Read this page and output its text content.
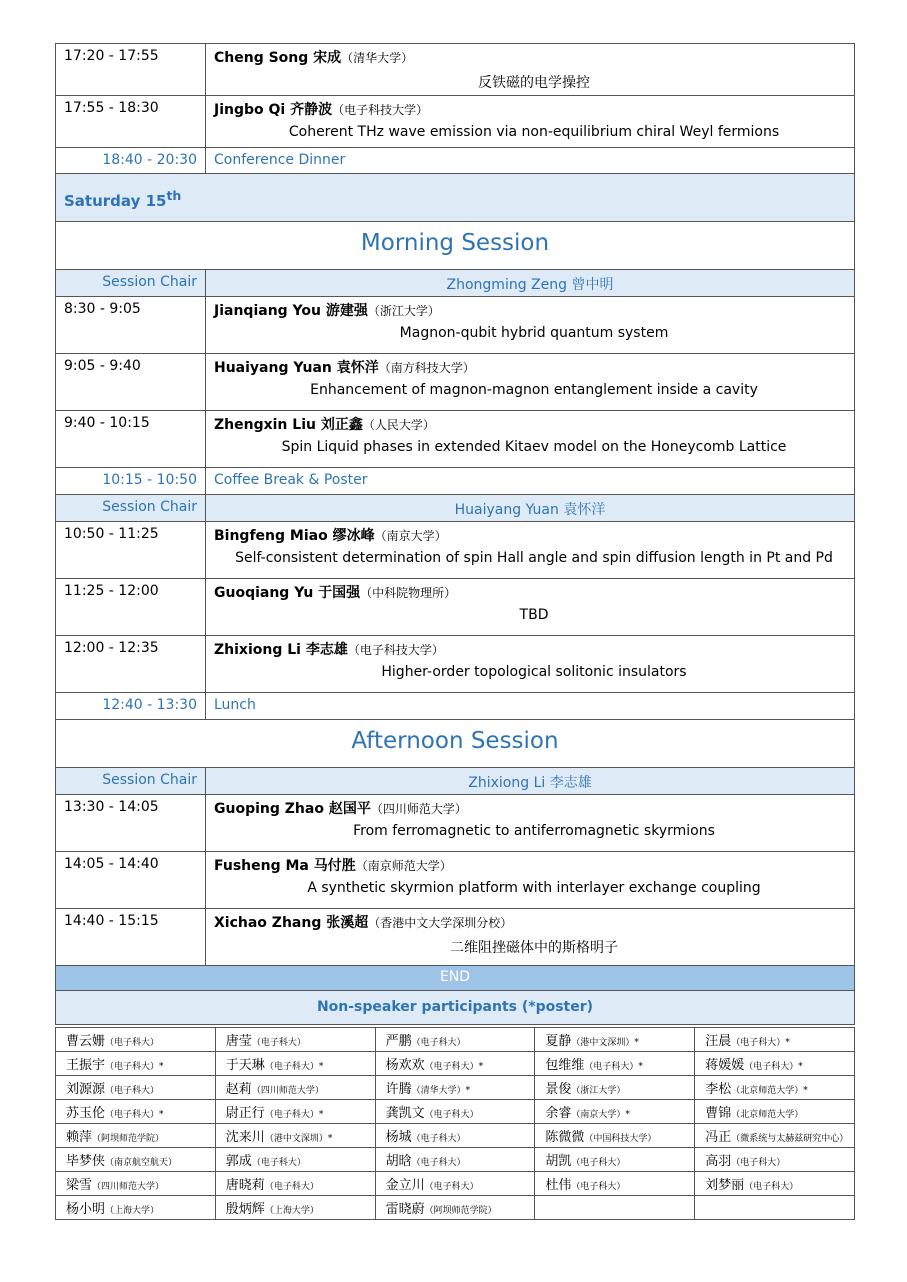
17:20 - 17:55	Cheng Song 宋成（清华大学）
反铁磁的电学操控

17:55 - 18:30	Jingbo Qi 齐静波（电子科技大学）
Coherent THz wave emission via non-equilibrium chiral Weyl fermions

18:40 - 20:30	Conference Dinner
Saturday 15th
Morning Session	
Session Chair	Zhongming Zeng 曾中明
8:30 - 9:05	Jianqiang You 游建强（浙江大学）
Magnon-qubit hybrid quantum system

9:05 - 9:40	Huaiyang Yuan 袁怀洋（南方科技大学）
Enhancement of magnon-magnon entanglement inside a cavity

9:40 - 10:15	Zhengxin Liu 刘正鑫（人民大学）
Spin Liquid phases in extended Kitaev model on the Honeycomb Lattice

10:15 - 10:50	Coffee Break & Poster
Session Chair	Huaiyang Yuan 袁怀洋
10:50 - 11:25	Bingfeng Miao 缪冰峰（南京大学）
Self-consistent determination of spin Hall angle and spin diffusion length in Pt and Pd

11:25 - 12:00	Guoqiang Yu 于国强（中科院物理所）
TBD

12:00 - 12:35	Zhixiong Li 李志雄（电子科技大学）
Higher-order topological solitonic insulators

12:40 - 13:30	Lunch
Afternoon Session	
Session Chair	Zhixiong Li 李志雄
13:30 - 14:05	Guoping Zhao 赵国平（四川师范大学）
From ferromagnetic to antiferromagnetic skyrmions

14:05 - 14:40	Fusheng Ma 马付胜（南京师范大学）
A synthetic skyrmion platform with interlayer exchange coupling

14:40 - 15:15	Xichao Zhang 张溪超（香港中文大学深圳分校）
二维阻挫磁体中的斯格明子

END	
Non-speaker participants (*poster)	
曹云姗（电子科大）	唐莹（电子科大）	严鹏（电子科大）	夏静（港中文深圳）*	汪晨（电子科大）*
王振宇（电子科大）*	于天琳（电子科大）*	杨欢欢（电子科大）*	包维维（电子科大）*	蒋媛媛（电子科大）*
刘源源（电子科大）	赵莉（四川师范大学）	许腾（清华大学）*	景俊（浙江大学）	李松（北京师范大学）*
苏玉伦（电子科大）*	尉正行（电子科大）*	龚凯文（电子科大）	余睿（南京大学）*	曹锦（北京师范大学）
赖萍（阿坝师范学院）	沈来川（港中文深圳）*	杨城（电子科大）	陈微微（中国科技大学）	冯正（微系统与太赫兹研究中心）
毕梦侠（南京航空航天）	郭成（电子科大）	胡晗（电子科大）	胡凯（电子科大）	高羽（电子科大）
梁雪（四川师范大学）	唐晓莉（电子科大）	金立川（电子科大）	杜伟（电子科大）	刘梦丽（电子科大）
杨小明（上海大学）	殷炳辉（上海大学）	雷晓蔚（阿坝师范学院）		
